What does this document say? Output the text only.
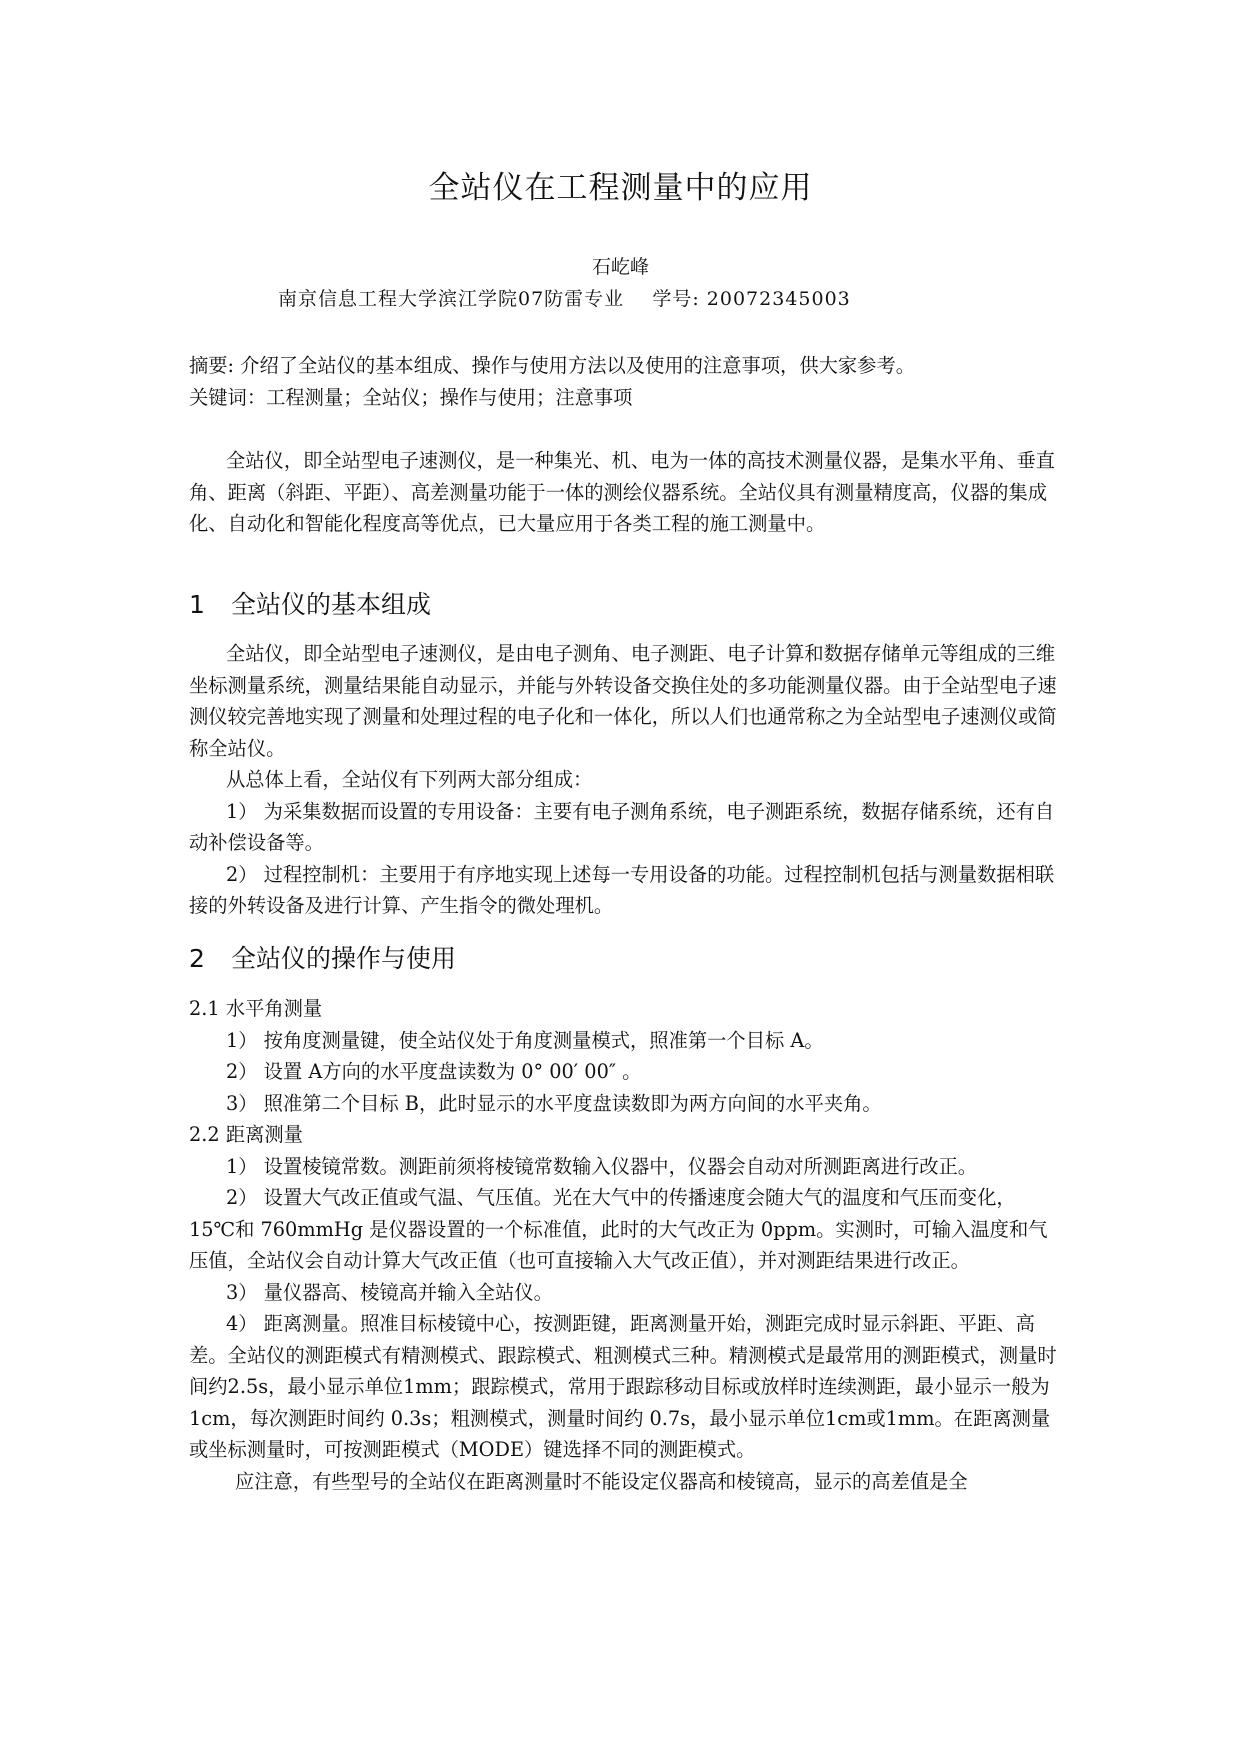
全站仪在工程测量中的应用
石屹峰
南京信息工程大学滨江学院07防雷专业    学号: 20072345003

摘要: 介绍了全站仪的基本组成、操作与使用方法以及使用的注意事项，供大家参考。

关键词：工程测量；全站仪；操作与使用；注意事项

全站仪，即全站型电子速测仪，是一种集光、机、电为一体的高技术测量仪器，是集水平角、垂直角、距离（斜距、平距）、高差测量功能于一体的测绘仪器系统。全站仪具有测量精度高，仪器的集成化、自动化和智能化程度高等优点，已大量应用于各类工程的施工测量中。

1 全站仪的基本组成

全站仪，即全站型电子速测仪，是由电子测角、电子测距、电子计算和数据存储单元等组成的三维坐标测量系统，测量结果能自动显示，并能与外转设备交换住处的多功能测量仪器。由于全站型电子速测仪较完善地实现了测量和处理过程的电子化和一体化，所以人们也通常称之为全站型电子速测仪或简称全站仪。

从总体上看，全站仪有下列两大部分组成：

1） 为采集数据而设置的专用设备：主要有电子测角系统，电子测距系统，数据存储系统，还有自动补偿设备等。

2） 过程控制机：主要用于有序地实现上述每一专用设备的功能。过程控制机包括与测量数据相联接的外转设备及进行计算、产生指令的微处理机。

2 全站仪的操作与使用

2.1 水平角测量

1） 按角度测量键，使全站仪处于角度测量模式，照准第一个目标 A。

2） 设置 A方向的水平度盘读数为 0° 00′ 00″ 。

3） 照准第二个目标 B，此时显示的水平度盘读数即为两方向间的水平夹角。

2.2 距离测量

1） 设置棱镜常数。测距前须将棱镜常数输入仪器中，仪器会自动对所测距离进行改正。

2） 设置大气改正值或气温、气压值。光在大气中的传播速度会随大气的温度和气压而变化，15℃和 760mmHg 是仪器设置的一个标准值，此时的大气改正为 0ppm。实测时，可输入温度和气压值，全站仪会自动计算大气改正值（也可直接输入大气改正值），并对测距结果进行改正。

3） 量仪器高、棱镜高并输入全站仪。

4） 距离测量。照准目标棱镜中心，按测距键，距离测量开始，测距完成时显示斜距、平距、高差。全站仪的测距模式有精测模式、跟踪模式、粗测模式三种。精测模式是最常用的测距模式，测量时间约2.5s，最小显示单位1mm；跟踪模式，常用于跟踪移动目标或放样时连续测距，最小显示一般为 1cm，每次测距时间约 0.3s；粗测模式，测量时间约 0.7s，最小显示单位1cm或1mm。在距离测量或坐标测量时，可按测距模式（MODE）键选择不同的测距模式。

应注意，有些型号的全站仪在距离测量时不能设定仪器高和棱镜高，显示的高差值是全
